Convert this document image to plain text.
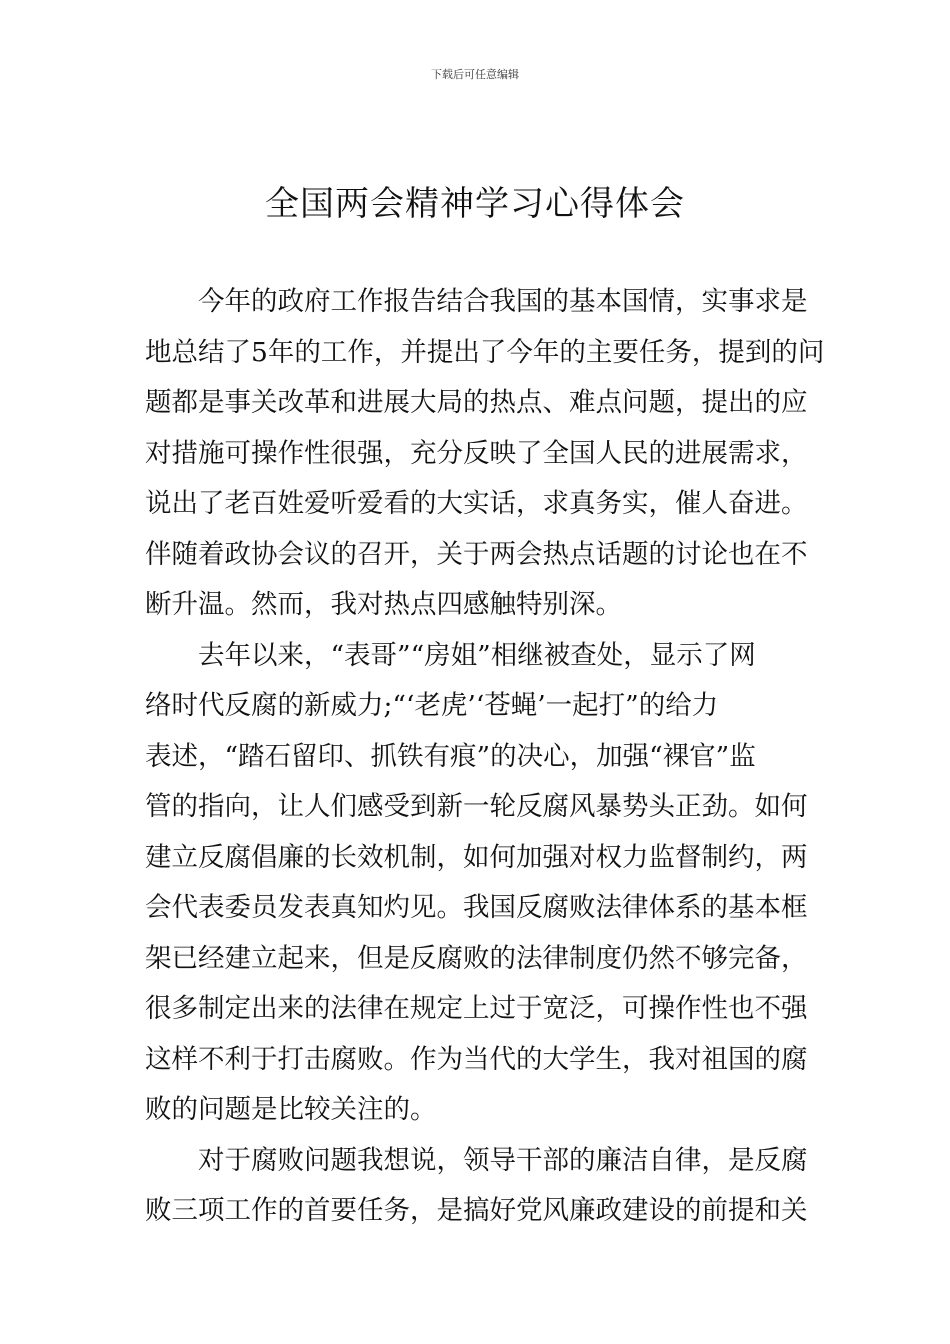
下载后可任意编辑
全国两会精神学习心得体会
今年的政府工作报告结合我国的基本国情，实事求是
地总结了5年的工作，并提出了今年的主要任务，提到的问
题都是事关改革和进展大局的热点、难点问题，提出的应
对措施可操作性很强，充分反映了全国人民的进展需求，
说出了老百姓爱听爱看的大实话，求真务实，催人奋进。
伴随着政协会议的召开，关于两会热点话题的讨论也在不
断升温。然而，我对热点四感触特别深。
去年以来，“表哥”“房姐”相继被查处，显示了网
络时代反腐的新威力;“‘老虎’‘苍蝇’一起打”的给力
表述，“踏石留印、抓铁有痕”的决心，加强“裸官”监
管的指向，让人们感受到新一轮反腐风暴势头正劲。如何
建立反腐倡廉的长效机制，如何加强对权力监督制约，两
会代表委员发表真知灼见。我国反腐败法律体系的基本框
架已经建立起来，但是反腐败的法律制度仍然不够完备，
很多制定出来的法律在规定上过于宽泛，可操作性也不强
这样不利于打击腐败。作为当代的大学生，我对祖国的腐
败的问题是比较关注的。
对于腐败问题我想说，领导干部的廉洁自律，是反腐
败三项工作的首要任务，是搞好党风廉政建设的前提和关
